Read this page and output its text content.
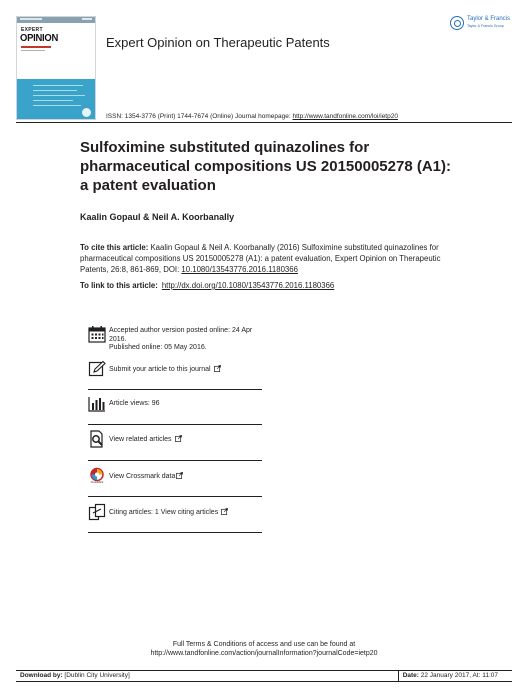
EXPERT
OPINION	Expert Opinion on Therapeutic Patents
Taylor & Francis
Taylor & Francis Group
ISSN: 1354-3776 (Print) 1744-7674 (Online) Journal homepage: http://www.tandfonline.com/loi/ietp20
Sulfoximine substituted quinazolines for pharmaceutical compositions US 20150005278 (A1): a patent evaluation
Kaalin Gopaul & Neil A. Koorbanally
To cite this article: Kaalin Gopaul & Neil A. Koorbanally (2016) Sulfoximine substituted quinazolines for pharmaceutical compositions US 20150005278 (A1): a patent evaluation, Expert Opinion on Therapeutic Patents, 26:8, 861-869, DOI: 10.1080/13543776.2016.1180366
To link to this article: http://dx.doi.org/10.1080/13543776.2016.1180366
Accepted author version posted online: 24 Apr 2016.
Published online: 05 May 2016.
Submit your article to this journal
Article views: 96
View related articles
CrossMark
View Crossmark data
Citing articles: 1 View citing articles
Full Terms & Conditions of access and use can be found at
http://www.tandfonline.com/action/journalInformation?journalCode=ietp20
Download by: [Dublin City University]	Date: 22 January 2017, At: 11:07
